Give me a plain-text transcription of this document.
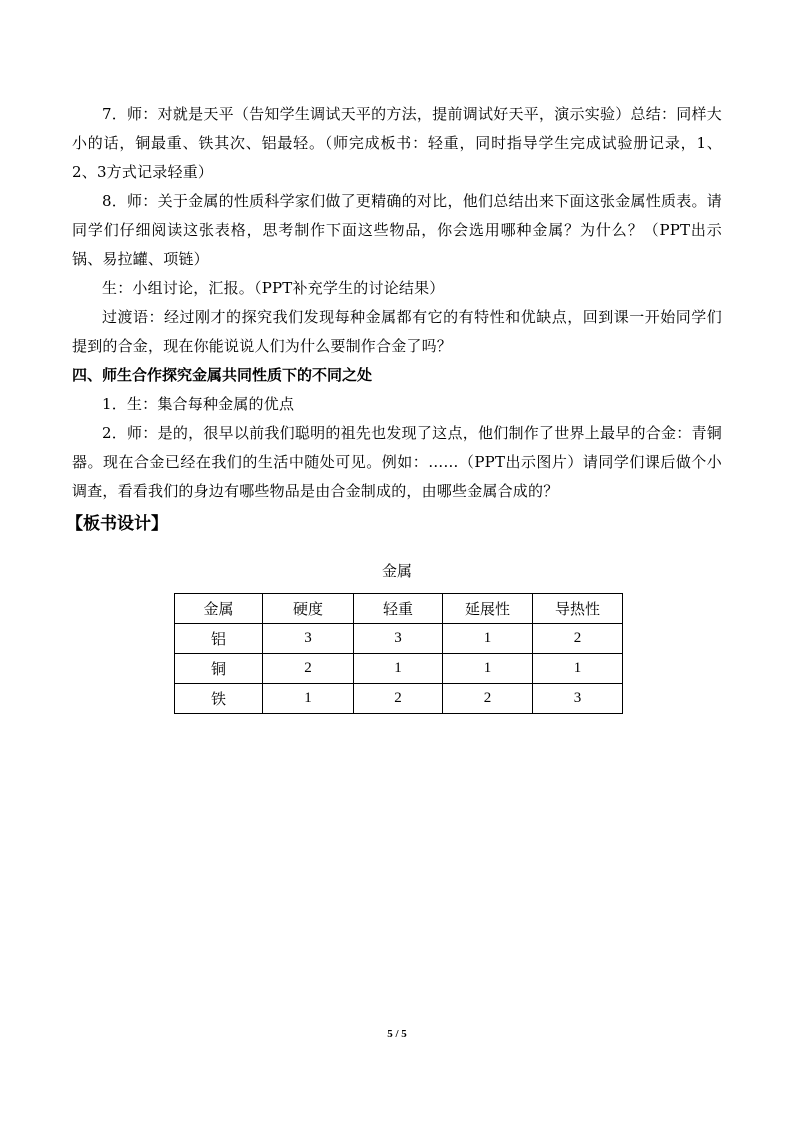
7．师：对就是天平（告知学生调试天平的方法，提前调试好天平，演示实验）总结：同样大小的话，铜最重、铁其次、铝最轻。（师完成板书：轻重，同时指导学生完成试验册记录，1、2、3方式记录轻重）

8．师：关于金属的性质科学家们做了更精确的对比，他们总结出来下面这张金属性质表。请同学们仔细阅读这张表格，思考制作下面这些物品，你会选用哪种金属？为什么？（PPT出示锅、易拉罐、项链）

生：小组讨论，汇报。（PPT补充学生的讨论结果）

过渡语：经过刚才的探究我们发现每种金属都有它的有特性和优缺点，回到课一开始同学们提到的合金，现在你能说说人们为什么要制作合金了吗？

四、师生合作探究金属共同性质下的不同之处

1．生：集合每种金属的优点

2．师：是的，很早以前我们聪明的祖先也发现了这点，他们制作了世界上最早的合金：青铜器。现在合金已经在我们的生活中随处可见。例如：……（PPT出示图片）请同学们课后做个小调查，看看我们的身边有哪些物品是由合金制成的，由哪些金属合成的？

【板书设计】

金属
金属	硬度	轻重	延展性	导热性
铝	3	3	1	2
铜	2	1	1	1
铁	1	2	2	3
5 / 5
